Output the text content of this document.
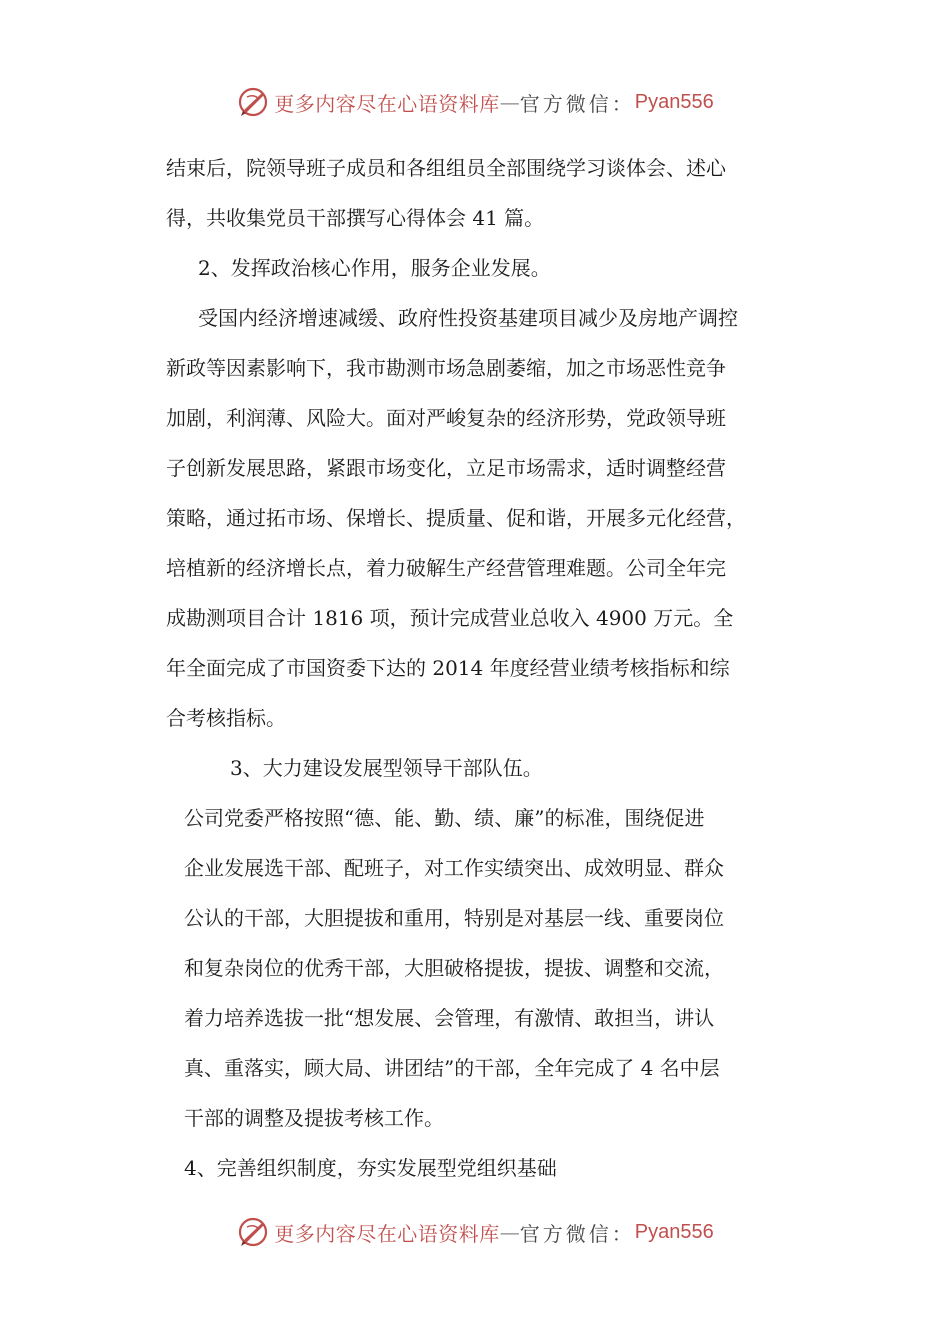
更多内容尽在心语资料库 — 官方微信： Pyan556
结束后，院领导班子成员和各组组员全部围绕学习谈体会、述心
得，共收集党员干部撰写心得体会 41 篇。
2、发挥政治核心作用，服务企业发展。
受国内经济增速减缓、政府性投资基建项目减少及房地产调控
新政等因素影响下，我市勘测市场急剧萎缩，加之市场恶性竞争
加剧，利润薄、风险大。面对严峻复杂的经济形势，党政领导班
子创新发展思路，紧跟市场变化，立足市场需求，适时调整经营
策略，通过拓市场、保增长、提质量、促和谐，开展多元化经营，
培植新的经济增长点，着力破解生产经营管理难题。公司全年完
成勘测项目合计 1816 项，预计完成营业总收入 4900 万元。全
年全面完成了市国资委下达的 2014 年度经营业绩考核指标和综
合考核指标。
3、大力建设发展型领导干部队伍。
公司党委严格按照“德、能、勤、绩、廉”的标准，围绕促进
企业发展选干部、配班子，对工作实绩突出、成效明显、群众
公认的干部，大胆提拔和重用，特别是对基层一线、重要岗位
和复杂岗位的优秀干部，大胆破格提拔，提拔、调整和交流，
着力培养选拔一批“想发展、会管理，有激情、敢担当，讲认
真、重落实，顾大局、讲团结”的干部，全年完成了 4 名中层
干部的调整及提拔考核工作。
4、完善组织制度，夯实发展型党组织基础
更多内容尽在心语资料库 — 官方微信： Pyan556
